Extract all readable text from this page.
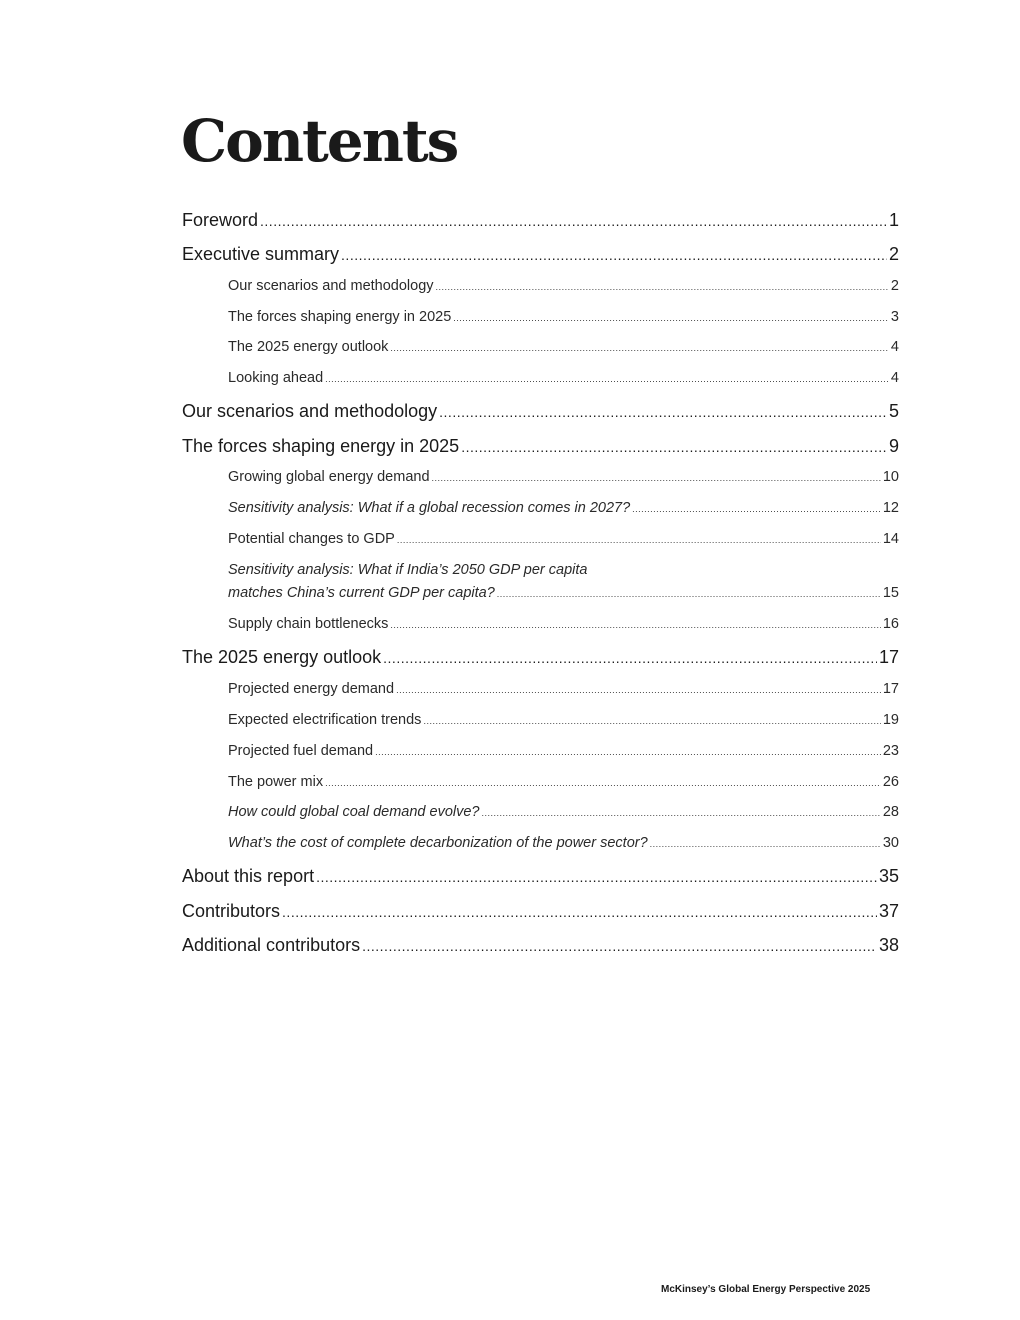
Contents
Foreword .....	1
Executive summary .....	2
Our scenarios and methodology .....	2
The forces shaping energy in 2025 .....	3
The 2025 energy outlook .....	4
Looking ahead .....	4
Our scenarios and methodology .....	5
The forces shaping energy in 2025 .....	9
Growing global energy demand .....	10
Sensitivity analysis: What if a global recession comes in 2027? .....	12
Potential changes to GDP .....	14
Sensitivity analysis: What if India’s 2050 GDP per capita
matches China’s current GDP per capita? .....	15
Supply chain bottlenecks .....	16
The 2025 energy outlook .....	17
Projected energy demand .....	17
Expected electrification trends .....	19
Projected fuel demand .....	23
The power mix .....	26
How could global coal demand evolve? .....	28
What’s the cost of complete decarbonization of the power sector? .....	30
About this report .....	35
Contributors .....	37
Additional contributors .....	38
McKinsey’s Global Energy Perspective 2025
